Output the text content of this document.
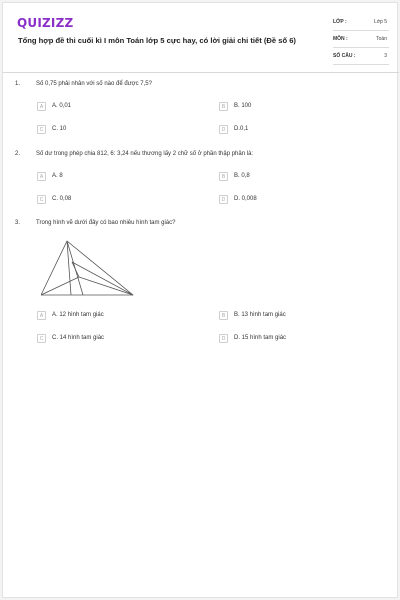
QUIZIZZ
Tổng hợp đề thi cuối kì I môn Toán lớp 5 cực hay, có lời giải chi tiết (Đề số 6)
LỚP :	Lớp 5
MÔN :	Toán
SỐ CÂU :	3
1.	Số 0,75 phải nhân với số nào để được 7,5?
A	A. 0,01	B	B. 100
C	C. 10	D	D.0,1
2.	Số dư trong phép chia 812, 6: 3,24 nếu thương lấy 2 chữ số ở phần thập phân là:
A	A. 8	B	B. 0,8
C	C. 0,08	D	D. 0,008
3.	Trong hình vẽ dưới đây có bao nhiêu hình tam giác?
A	A. 12 hình tam giác	B	B. 13 hình tam giác
C	C. 14 hình tam giác	D	D. 15 hình tam giác
